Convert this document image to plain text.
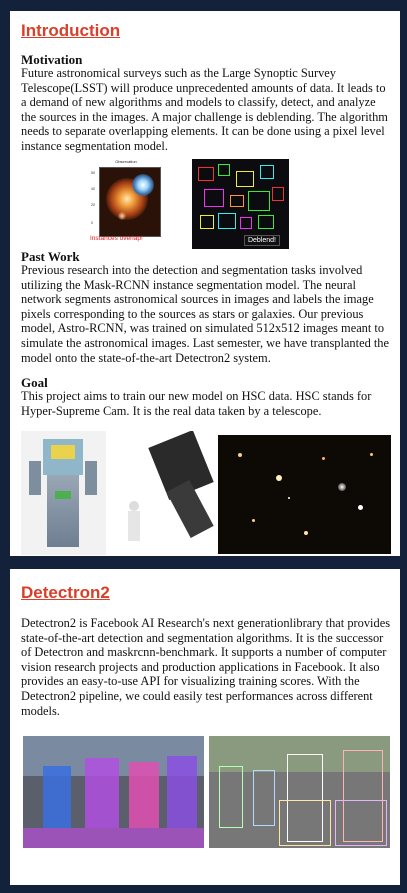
Introduction
Motivation

Future astronomical surveys such as the Large Synoptic Survey Telescope(LSST) will produce unprecedented amounts of data. It leads to a demand of new algorithms and models to classify, detect, and analyze the sources in the images. A major challenge is deblending. The algorithm needs to separate overlapping elements. It can be done using a pixel level instance segmentation model.

Observation
50
40
20
0
Instances overlap!	Deblend!
Past Work

Previous research into the detection and segmentation tasks involved utilizing the Mask-RCNN instance segmentation model. The neural network segments astronomical sources in images and labels the image pixels corresponding to the sources as stars or galaxies. Our previous model, Astro-RCNN, was trained on simulated 512x512 images meant to simulate the astronomical images. Last semester, we have transplanted the model onto the state-of-the-art Detectron2 system.

Goal

This project aims to train our new model on HSC data. HSC stands for Hyper-Supreme Cam. It is the real data taken by a telescope.

Detectron2

Detectron2 is Facebook AI Research's next generationlibrary that provides state-of-the-art detection and segmentation algorithms. It is the successor of Detectron and maskrcnn-benchmark. It supports a number of computer vision research projects and production applications in Facebook. It also provides an easy-to-use API for visualizing training scores. With the Detectron2 pipeline, we could easily test performances across different models.
